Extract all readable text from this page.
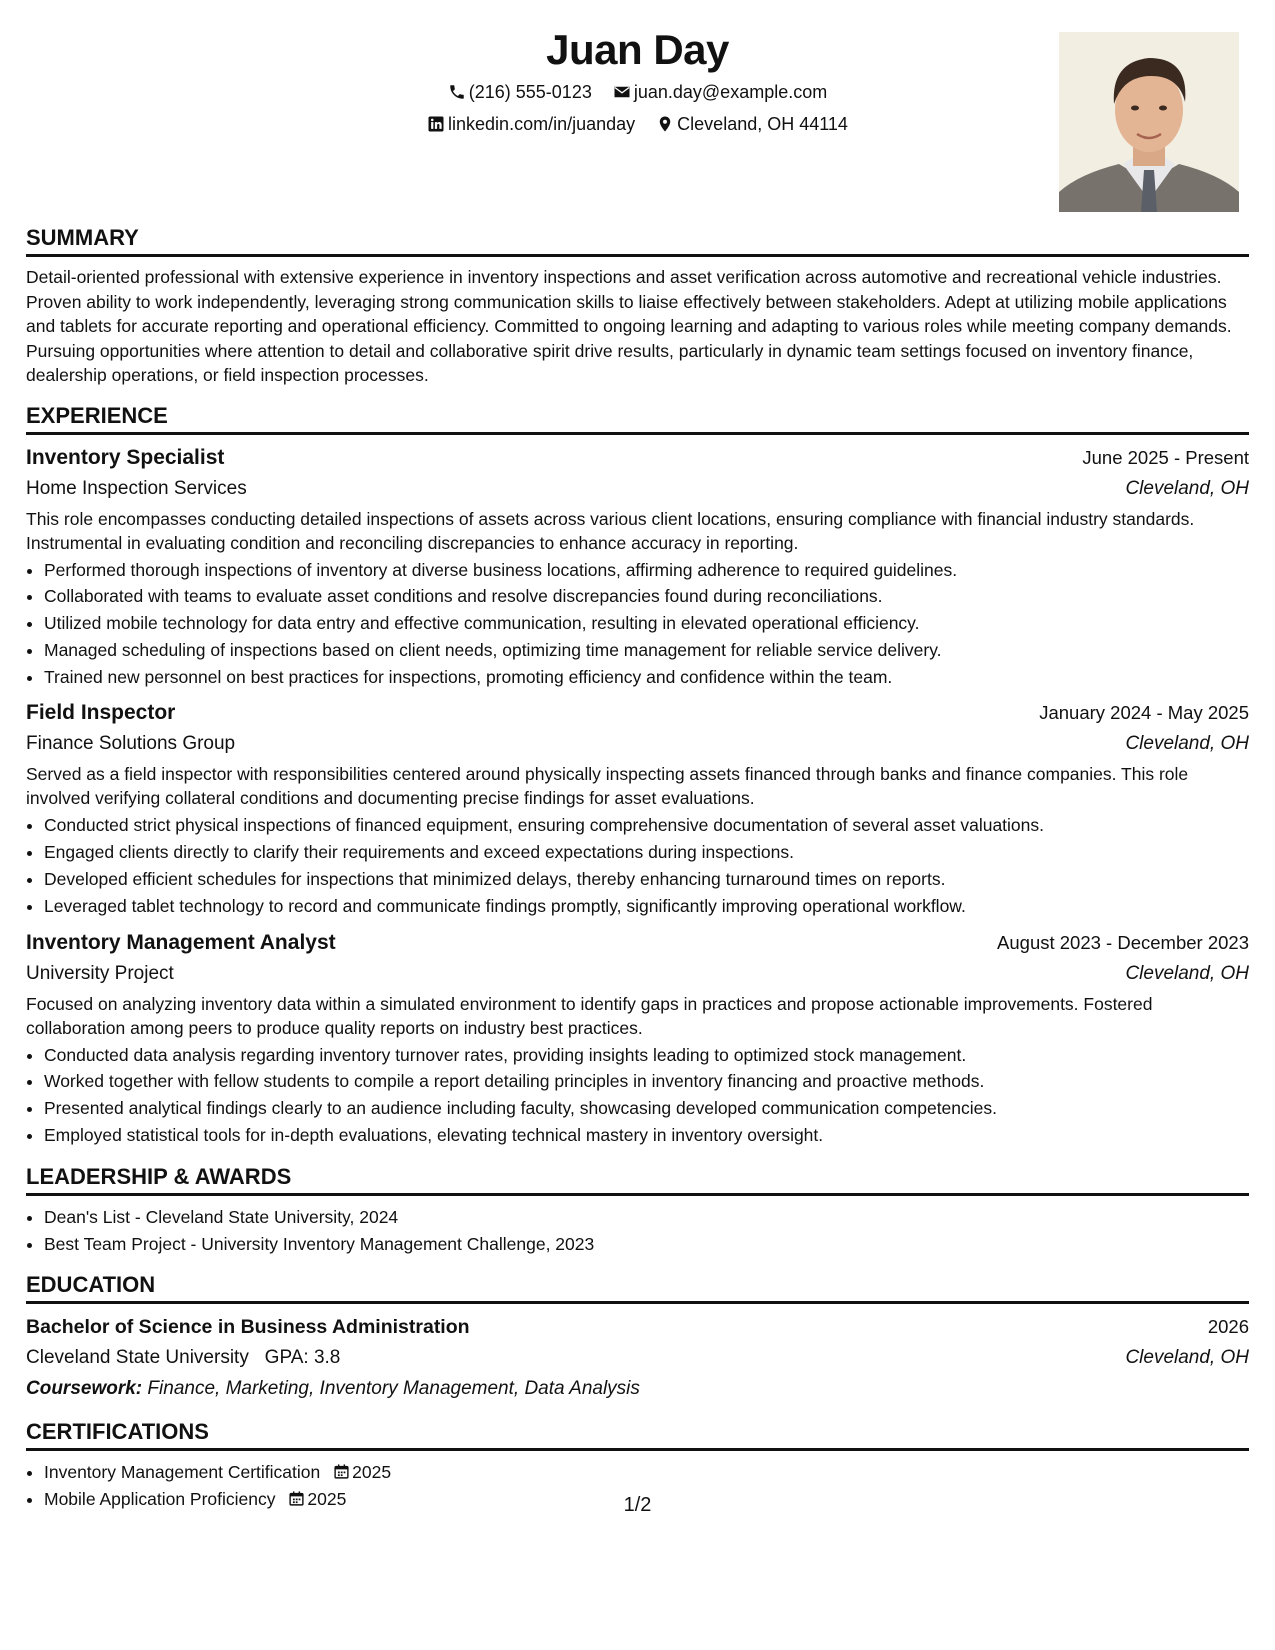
Juan Day
(216) 555-0123 juan.day@example.com
linkedin.com/in/juanday Cleveland, OH 44114
SUMMARY

Detail-oriented professional with extensive experience in inventory inspections and asset verification across automotive and recreational vehicle industries. Proven ability to work independently, leveraging strong communication skills to liaise effectively between stakeholders. Adept at utilizing mobile applications and tablets for accurate reporting and operational efficiency. Committed to ongoing learning and adapting to various roles while meeting company demands. Pursuing opportunities where attention to detail and collaborative spirit drive results, particularly in dynamic team settings focused on inventory finance, dealership operations, or field inspection processes.

EXPERIENCE
Inventory Specialist	June 2025 - Present
Home Inspection Services	Cleveland, OH

This role encompasses conducting detailed inspections of assets across various client locations, ensuring compliance with financial industry standards. Instrumental in evaluating condition and reconciling discrepancies to enhance accuracy in reporting.

• Performed thorough inspections of inventory at diverse business locations, affirming adherence to required guidelines.
• Collaborated with teams to evaluate asset conditions and resolve discrepancies found during reconciliations.
• Utilized mobile technology for data entry and effective communication, resulting in elevated operational efficiency.
• Managed scheduling of inspections based on client needs, optimizing time management for reliable service delivery.
• Trained new personnel on best practices for inspections, promoting efficiency and confidence within the team.
Field Inspector	January 2024 - May 2025
Finance Solutions Group	Cleveland, OH

Served as a field inspector with responsibilities centered around physically inspecting assets financed through banks and finance companies. This role involved verifying collateral conditions and documenting precise findings for asset evaluations.

• Conducted strict physical inspections of financed equipment, ensuring comprehensive documentation of several asset valuations.
• Engaged clients directly to clarify their requirements and exceed expectations during inspections.
• Developed efficient schedules for inspections that minimized delays, thereby enhancing turnaround times on reports.
• Leveraged tablet technology to record and communicate findings promptly, significantly improving operational workflow.
Inventory Management Analyst	August 2023 - December 2023
University Project	Cleveland, OH

Focused on analyzing inventory data within a simulated environment to identify gaps in practices and propose actionable improvements. Fostered collaboration among peers to produce quality reports on industry best practices.

• Conducted data analysis regarding inventory turnover rates, providing insights leading to optimized stock management.
• Worked together with fellow students to compile a report detailing principles in inventory financing and proactive methods.
• Presented analytical findings clearly to an audience including faculty, showcasing developed communication competencies.
• Employed statistical tools for in-depth evaluations, elevating technical mastery in inventory oversight.
LEADERSHIP & AWARDS
• Dean's List - Cleveland State University, 2024
• Best Team Project - University Inventory Management Challenge, 2023
EDUCATION
Bachelor of Science in Business Administration	2026
Cleveland State University GPA: 3.8	Cleveland, OH
Coursework: Finance, Marketing, Inventory Management, Data Analysis
CERTIFICATIONS
• Inventory Management Certification 2025
• Mobile Application Proficiency 2025	1/2
